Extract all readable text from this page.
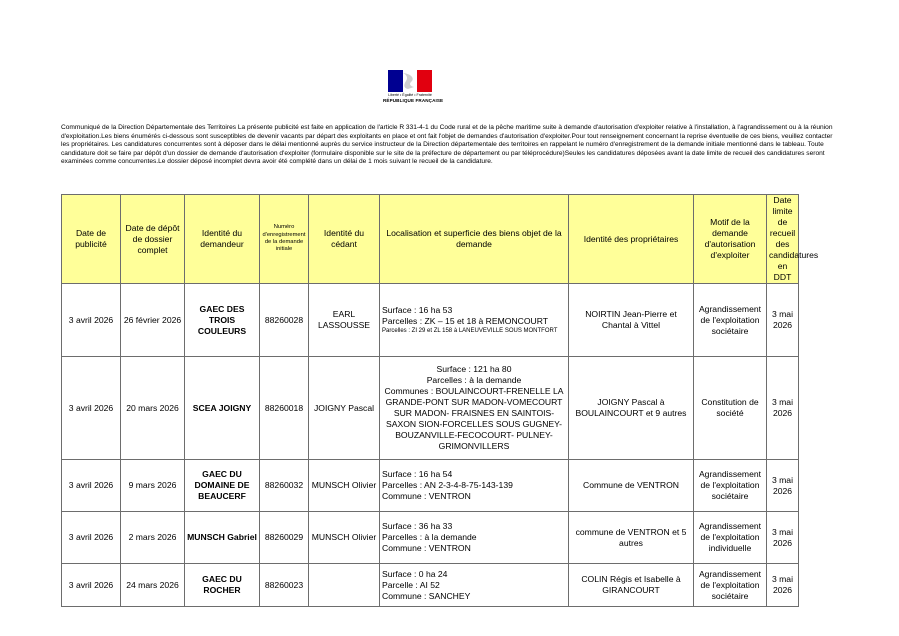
Liberté • Égalité • Fraternité
RÉPUBLIQUE FRANÇAISE
Communiqué de la Direction Départementale des Territoires La présente publicité est faite en application de l'article R 331-4-1 du Code rural et de la pêche maritime suite à demande d'autorisation d'exploiter relative à l'installation, à l'agrandissement ou à la réunion d'exploitation.Les biens énumérés ci-dessous sont susceptibles de devenir vacants par départ des exploitants en place et ont fait l'objet de demandes d'autorisation d'exploiter.Pour tout renseignement concernant la reprise éventuelle de ces biens, veuillez contacter les propriétaires. Les candidatures concurrentes sont à déposer dans le délai mentionné auprès du service instructeur de la Direction départementale des territoires en rappelant le numéro d'enregistrement de la demande initiale mentionné dans le tableau. Toute candidature doit se faire par dépôt d'un dossier de demande d'autorisation d'exploiter (formulaire disponible sur le site de la préfecture de département ou par téléprocédure)Seules les candidatures déposées avant la date limite de recueil des candidatures seront examinées comme concurrentes.Le dossier déposé incomplet devra avoir été complété dans un délai de 1 mois suivant le recueil de la candidature.
Date de publicité	Date de dépôt de dossier complet	Identité du demandeur	Numéro d'enregistrement de la demande initiale	Identité du cédant	Localisation et superficie des biens objet de la demande	Identité des propriétaires	Motif de la demande d'autorisation d'exploiter	Date limite de recueil des candidatures en DDT
3 avril 2026	26 février 2026	GAEC DES TROIS COULEURS	88260028	EARL LASSOUSSE	Surface : 16 ha 53
Parcelles : ZK – 15 et 18 à REMONCOURT
Parcelles : ZI 29 et ZL 158 à LANEUVEVILLE SOUS MONTFORT	NOIRTIN Jean-Pierre et Chantal à Vittel	Agrandissement de l'exploitation sociétaire	3 mai 2026
3 avril 2026	20 mars 2026	SCEA JOIGNY	88260018	JOIGNY Pascal	Surface : 121 ha 80
Parcelles : à la demande
Communes : BOULAINCOURT-FRENELLE LA GRANDE-PONT SUR MADON-VOMECOURT SUR MADON- FRAISNES EN SAINTOIS-SAXON SION-FORCELLES SOUS GUGNEY- BOUZANVILLE-FECOCOURT- PULNEY- GRIMONVILLERS	JOIGNY Pascal à BOULAINCOURT et 9 autres	Constitution de société	3 mai 2026
3 avril 2026	9 mars 2026	GAEC DU DOMAINE DE BEAUCERF	88260032	MUNSCH Olivier	Surface : 16 ha 54
Parcelles : AN 2-3-4-8-75-143-139
Commune : VENTRON	Commune de VENTRON	Agrandissement de l'exploitation sociétaire	3 mai 2026
3 avril 2026	2 mars 2026	MUNSCH Gabriel	88260029	MUNSCH Olivier	Surface : 36 ha 33
Parcelles : à la demande
Commune : VENTRON	commune de VENTRON et 5 autres	Agrandissement de l'exploitation individuelle	3 mai 2026
3 avril 2026	24 mars 2026	GAEC DU ROCHER	88260023		Surface : 0 ha 24
Parcelle : AI 52
Commune : SANCHEY	COLIN Régis et Isabelle à GIRANCOURT	Agrandissement de l'exploitation sociétaire	3 mai 2026
